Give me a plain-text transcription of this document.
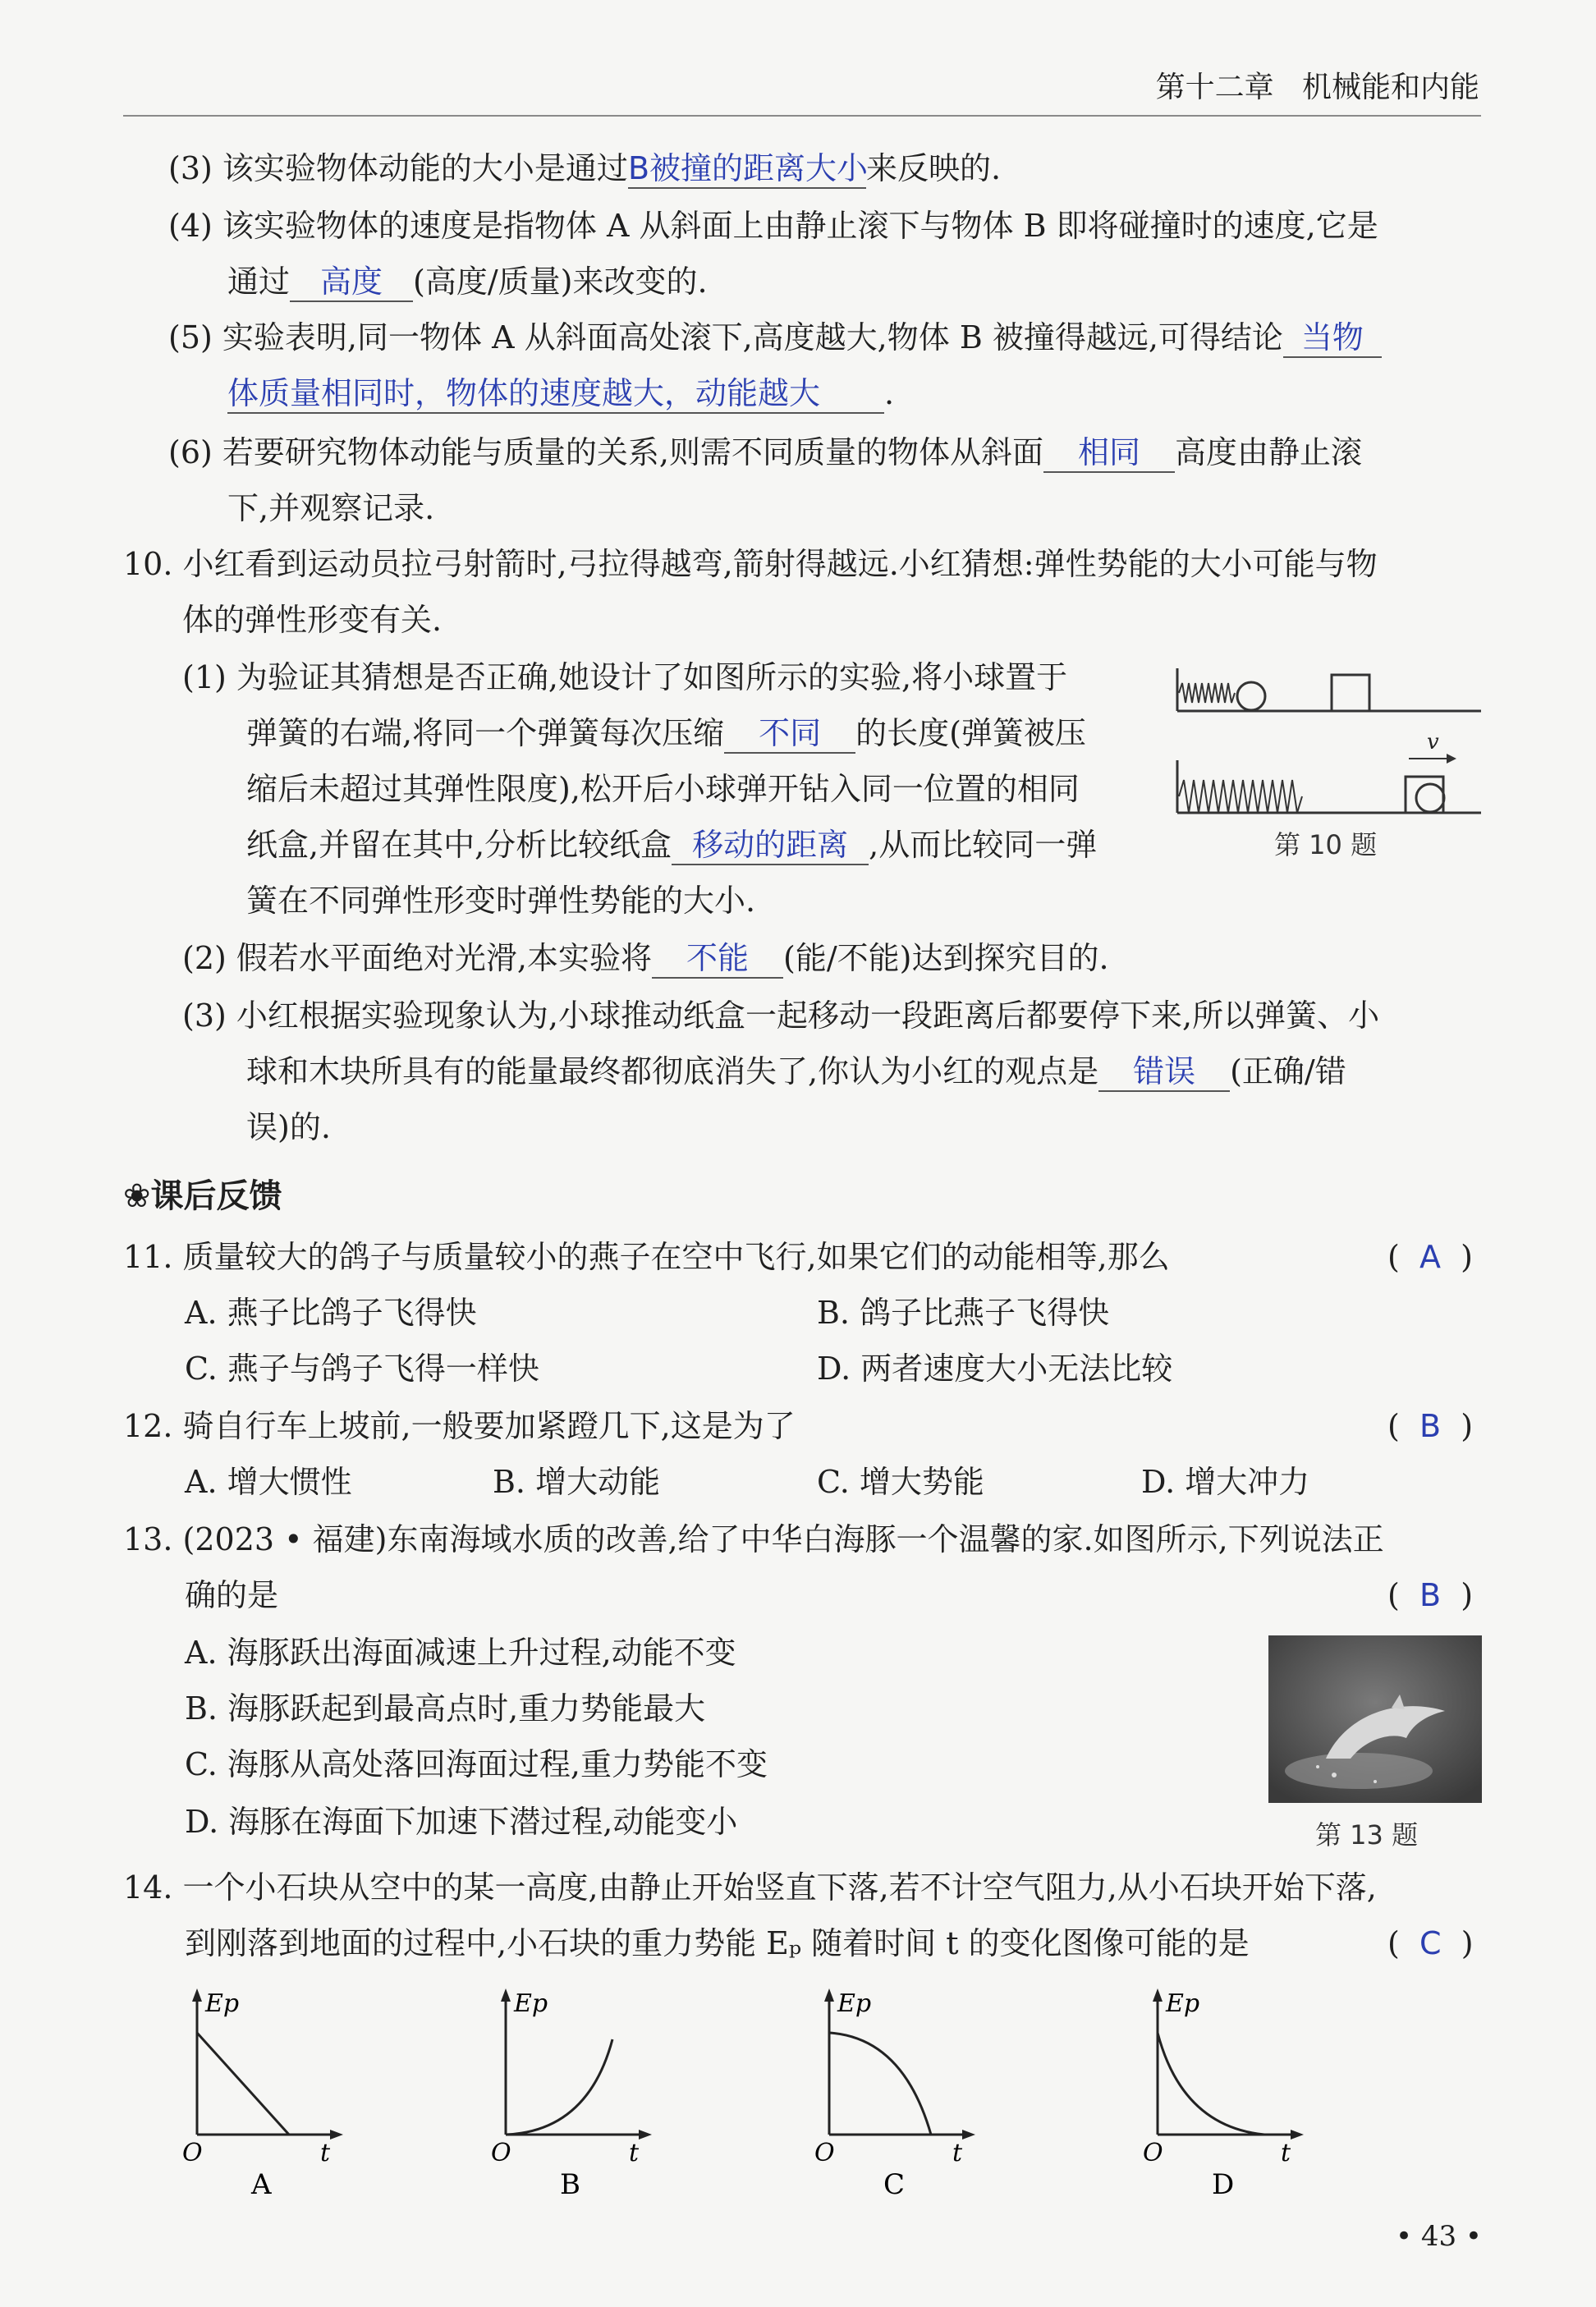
第十二章 机械能和内能
(3) 该实验物体动能的大小是通过B被撞的距离大小来反映的.
(4) 该实验物体的速度是指物体 A 从斜面上由静止滚下与物体 B 即将碰撞时的速度,它是
通过 高度 (高度/质量)来改变的.
(5) 实验表明,同一物体 A 从斜面高处滚下,高度越大,物体 B 被撞得越远,可得结论 当物
体质量相同时，物体的速度越大，动能越大 .
(6) 若要研究物体动能与质量的关系,则需不同质量的物体从斜面 相同 高度由静止滚
下,并观察记录.
10. 小红看到运动员拉弓射箭时,弓拉得越弯,箭射得越远.小红猜想:弹性势能的大小可能与物
体的弹性形变有关.
(1) 为验证其猜想是否正确,她设计了如图所示的实验,将小球置于
弹簧的右端,将同一个弹簧每次压缩 不同 的长度(弹簧被压
缩后未超过其弹性限度),松开后小球弹开钻入同一位置的相同
纸盒,并留在其中,分析比较纸盒 移动的距离 ,从而比较同一弹
簧在不同弹性形变时弹性势能的大小.
v
第 10 题
(2) 假若水平面绝对光滑,本实验将 不能 (能/不能)达到探究目的.
(3) 小红根据实验现象认为,小球推动纸盒一起移动一段距离后都要停下来,所以弹簧、小
球和木块所具有的能量最终都彻底消失了,你认为小红的观点是 错误 (正确/错
误)的.
❀课后反馈
11. 质量较大的鸽子与质量较小的燕子在空中飞行,如果它们的动能相等,那么	(  A  )
A. 燕子比鸽子飞得快	B. 鸽子比燕子飞得快
C. 燕子与鸽子飞得一样快	D. 两者速度大小无法比较
12. 骑自行车上坡前,一般要加紧蹬几下,这是为了	(  B  )
A. 增大惯性	B. 增大动能	C. 增大势能	D. 增大冲力
13. (2023 • 福建)东南海域水质的改善,给了中华白海豚一个温馨的家.如图所示,下列说法正
确的是	(  B  )
A. 海豚跃出海面减速上升过程,动能不变
B. 海豚跃起到最高点时,重力势能最大
C. 海豚从高处落回海面过程,重力势能不变
D. 海豚在海面下加速下潜过程,动能变小	第 13 题
14. 一个小石块从空中的某一高度,由静止开始竖直下落,若不计空气阻力,从小石块开始下落,
到刚落到地面的过程中,小石块的重力势能 Eₚ 随着时间 t 的变化图像可能的是	(  C  )
Ep
O	t
A
Ep
O	t
B
Ep
O	t
C
Ep
O	t
D
• 43 •
